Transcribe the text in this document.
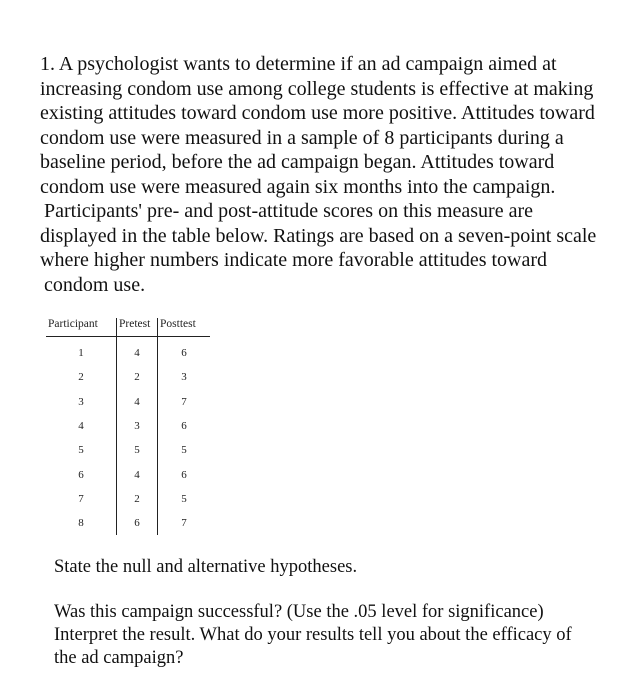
1. A psychologist wants to determine if an ad campaign aimed at
increasing condom use among college students is effective at making
existing attitudes toward condom use more positive. Attitudes toward
condom use were measured in a sample of 8 participants during a
baseline period, before the ad campaign began. Attitudes toward
condom use were measured again six months into the campaign.
Participants' pre- and post-attitude scores on this measure are
displayed in the table below. Ratings are based on a seven-point scale
where higher numbers indicate more favorable attitudes toward
condom use.
Participant	Pretest	Posttest
1	4	6
2	2	3
3	4	7
4	3	6
5	5	5
6	4	6
7	2	5
8	6	7
State the null and alternative hypotheses.
Was this campaign successful? (Use the .05 level for significance)
Interpret the result. What do your results tell you about the efficacy of
the ad campaign?
